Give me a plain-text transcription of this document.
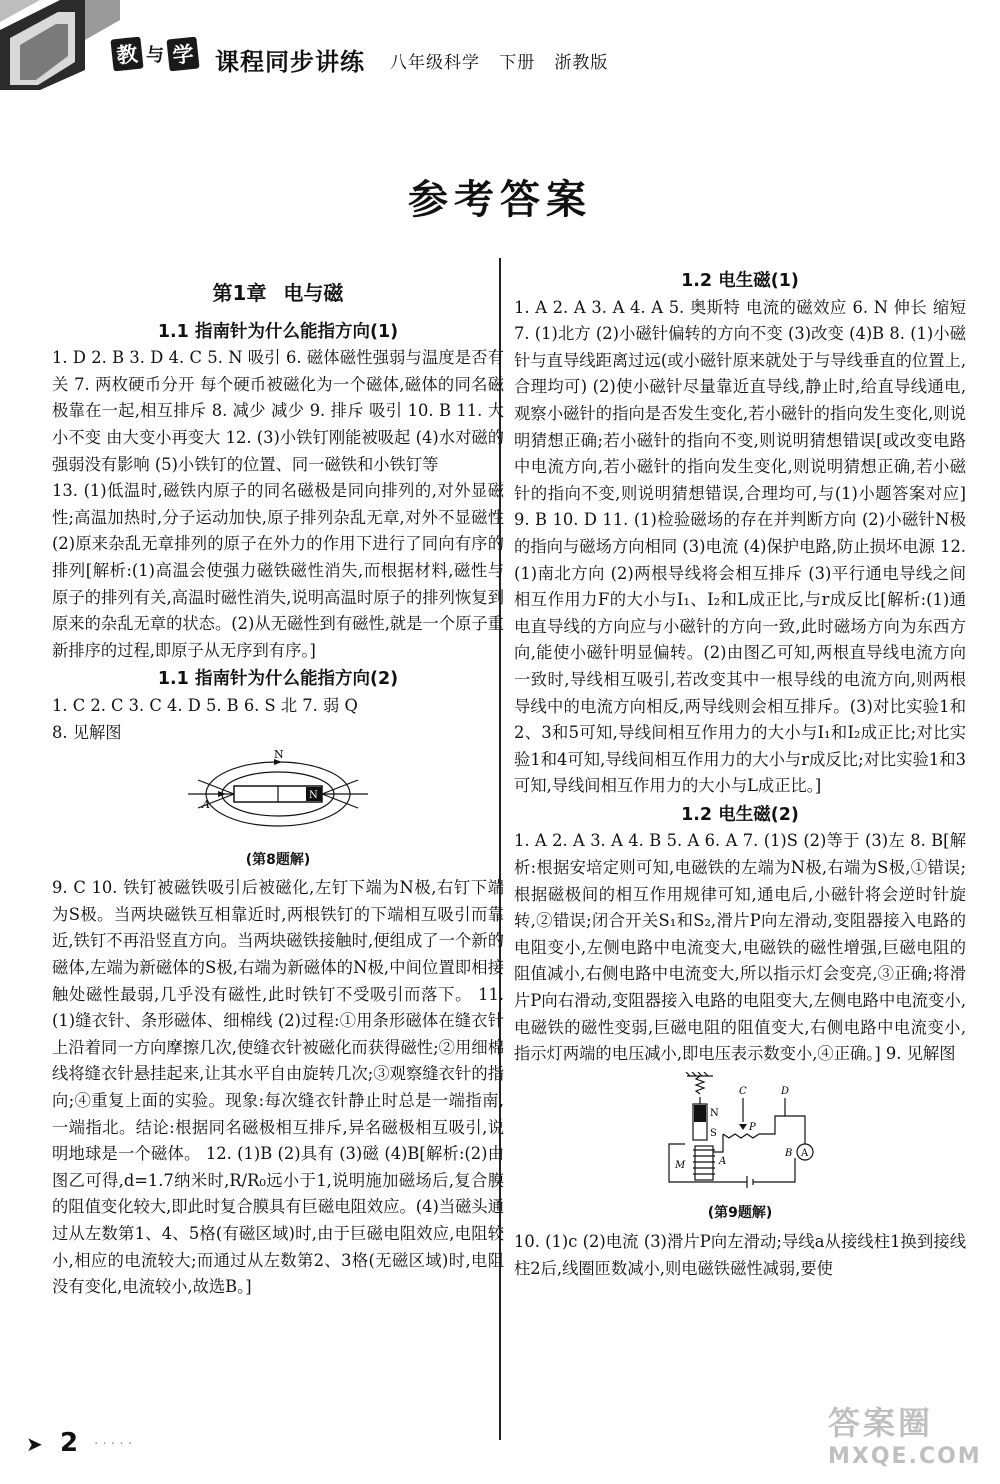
教 与 学 课程同步讲练 八年级科学   下册   浙教版
参考答案
第1章 电与磁
1.1 指南针为什么能指方向(1)

1. D 2. B 3. D 4. C 5. N 吸引 6. 磁体磁性强弱与温度是否有关 7. 两枚硬币分开 每个硬币被磁化为一个磁体,磁体的同名磁极靠在一起,相互排斥 8. 减少 减少 9. 排斥 吸引 10. B 11. 大小不变 由大变小再变大 12. (3)小铁钉刚能被吸起 (4)水对磁的强弱没有影响 (5)小铁钉的位置、同一磁铁和小铁钉等

13. (1)低温时,磁铁内原子的同名磁极是同向排列的,对外显磁性;高温加热时,分子运动加快,原子排列杂乱无章,对外不显磁性 (2)原来杂乱无章排列的原子在外力的作用下进行了同向有序的排列[解析:(1)高温会使强力磁铁磁性消失,而根据材料,磁性与原子的排列有关,高温时磁性消失,说明高温时原子的排列恢复到原来的杂乱无章的状态。(2)从无磁性到有磁性,就是一个原子重新排序的过程,即原子从无序到有序。]

1.1 指南针为什么能指方向(2)

1. C 2. C 3. C 4. D 5. B 6. S 北 7. 弱 Q

8. 见解图

N
N
A
(第8题解)

9. C 10. 铁钉被磁铁吸引后被磁化,左钉下端为N极,右钉下端为S极。当两块磁铁互相靠近时,两根铁钉的下端相互吸引而靠近,铁钉不再沿竖直方向。当两块磁铁接触时,便组成了一个新的磁体,左端为新磁体的S极,右端为新磁体的N极,中间位置即相接触处磁性最弱,几乎没有磁性,此时铁钉不受吸引而落下。 11. (1)缝衣针、条形磁体、细棉线 (2)过程:①用条形磁体在缝衣针上沿着同一方向摩擦几次,使缝衣针被磁化而获得磁性;②用细棉线将缝衣针悬挂起来,让其水平自由旋转几次;③观察缝衣针的指向;④重复上面的实验。现象:每次缝衣针静止时总是一端指南,一端指北。结论:根据同名磁极相互排斥,异名磁极相互吸引,说明地球是一个磁体。 12. (1)B (2)具有 (3)磁 (4)B[解析:(2)由图乙可得,d=1.7纳米时,R/R₀远小于1,说明施加磁场后,复合膜的阻值变化较大,即此时复合膜具有巨磁电阻效应。(4)当磁头通过从左数第1、4、5格(有磁区域)时,由于巨磁电阻效应,电阻较小,相应的电流较大;而通过从左数第2、3格(无磁区域)时,电阻没有变化,电流较小,故选B。]

1.2 电生磁(1)

1. A 2. A 3. A 4. A 5. 奥斯特 电流的磁效应 6. N 伸长 缩短 7. (1)北方 (2)小磁针偏转的方向不变 (3)改变 (4)B 8. (1)小磁针与直导线距离过远(或小磁针原来就处于与导线垂直的位置上,合理均可) (2)使小磁针尽量靠近直导线,静止时,给直导线通电,观察小磁针的指向是否发生变化,若小磁针的指向发生变化,则说明猜想正确;若小磁针的指向不变,则说明猜想错误[或改变电路中电流方向,若小磁针的指向发生变化,则说明猜想正确,若小磁针的指向不变,则说明猜想错误,合理均可,与(1)小题答案对应] 9. B 10. D 11. (1)检验磁场的存在并判断方向 (2)小磁针N极的指向与磁场方向相同 (3)电流 (4)保护电路,防止损坏电源 12. (1)南北方向 (2)两根导线将会相互排斥 (3)平行通电导线之间相互作用力F的大小与I₁、I₂和L成正比,与r成反比[解析:(1)通电直导线的方向应与小磁针的方向一致,此时磁场方向为东西方向,能使小磁针明显偏转。(2)由图乙可知,两根直导线电流方向一致时,导线相互吸引,若改变其中一根导线的电流方向,则两根导线中的电流方向相反,两导线则会相互排斥。(3)对比实验1和2、3和5可知,导线间相互作用力的大小与I₁和I₂成正比;对比实验1和4可知,导线间相互作用力的大小与r成反比;对比实验1和3可知,导线间相互作用力的大小与L成正比。]

1.2 电生磁(2)

1. A 2. A 3. A 4. B 5. A 6. A 7. (1)S (2)等于 (3)左 8. B[解析:根据安培定则可知,电磁铁的左端为N极,右端为S极,①错误;根据磁极间的相互作用规律可知,通电后,小磁针将会逆时针旋转,②错误;闭合开关S₁和S₂,滑片P向左滑动,变阻器接入电路的电阻变小,左侧电路中电流变大,电磁铁的磁性增强,巨磁电阻的阻值减小,右侧电路中电流变大,所以指示灯会变亮,③正确;将滑片P向右滑动,变阻器接入电路的电阻变大,左侧电路中电流变小,电磁铁的磁性变弱,巨磁电阻的阻值变大,右侧电路中电流变小,指示灯两端的电压减小,即电压表示数变小,④正确。] 9. 见解图

N
S
C	D
P
A
B
M
A
(第9题解)

10. (1)c (2)电流 (3)滑片P向左滑动;导线a从接线柱1换到接线柱2后,线圈匝数减小,则电磁铁磁性减弱,要使

➤ 2 ·····
答案圈
MXQE.COM
